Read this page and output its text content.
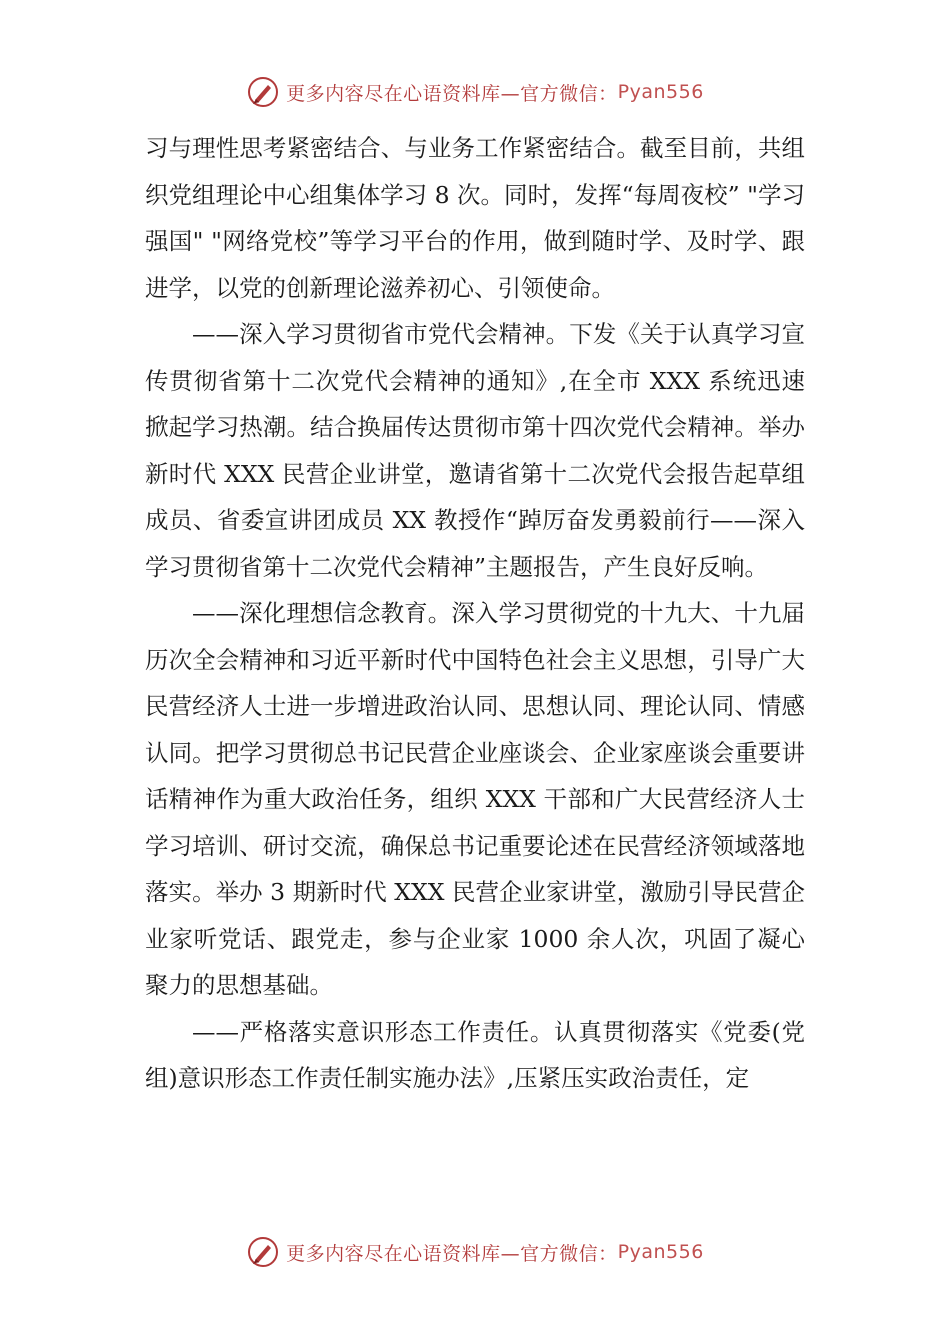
更多内容尽在心语资料库—官方微信： Pyan556

习与理性思考紧密结合、与业务工作紧密结合。截至目前，共组织党组理论中心组集体学习 8 次。同时，发挥“每周夜校” "学习强国" "网络党校”等学习平台的作用，做到随时学、及时学、跟进学，以党的创新理论滋养初心、引领使命。

——深入学习贯彻省市党代会精神。下发《关于认真学习宣传贯彻省第十二次党代会精神的通知》,在全市 XXX 系统迅速掀起学习热潮。结合换届传达贯彻市第十四次党代会精神。举办新时代 XXX 民营企业讲堂，邀请省第十二次党代会报告起草组成员、省委宣讲团成员 XX 教授作“踔厉奋发勇毅前行——深入学习贯彻省第十二次党代会精神”主题报告，产生良好反响。

——深化理想信念教育。深入学习贯彻党的十九大、十九届历次全会精神和习近平新时代中国特色社会主义思想，引导广大民营经济人士进一步增进政治认同、思想认同、理论认同、情感认同。把学习贯彻总书记民营企业座谈会、企业家座谈会重要讲话精神作为重大政治任务，组织 XXX 干部和广大民营经济人士学习培训、研讨交流，确保总书记重要论述在民营经济领域落地落实。举办 3 期新时代 XXX 民营企业家讲堂，激励引导民营企业家听党话、跟党走，参与企业家 1000 余人次，巩固了凝心聚力的思想基础。

——严格落实意识形态工作责任。认真贯彻落实《党委(党组)意识形态工作责任制实施办法》,压紧压实政治责任，定

更多内容尽在心语资料库—官方微信： Pyan556
